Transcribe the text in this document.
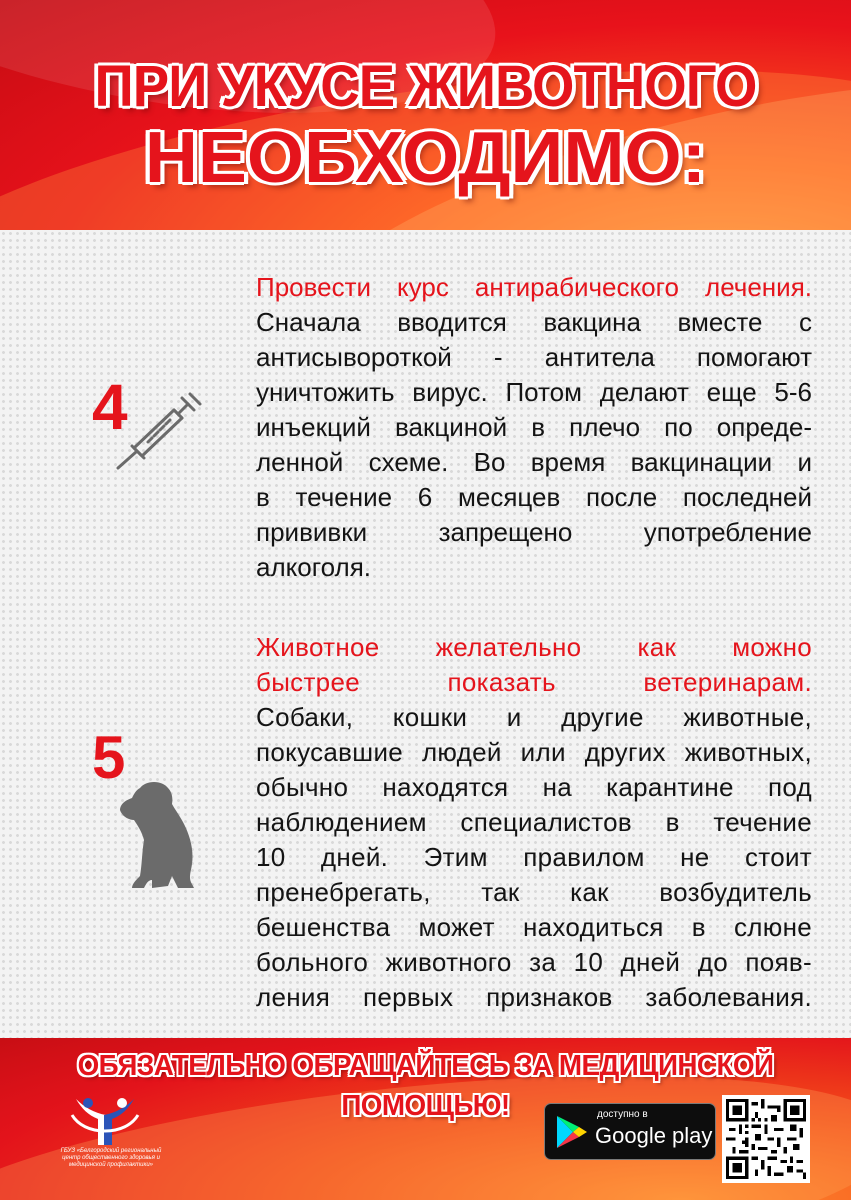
ПРИ УКУСЕ ЖИВОТНОГО
НЕОБХОДИМО:
4
Провести курс антирабического лечения.
Сначала вводится вакцина вместе с
антисывороткой - антитела помогают
уничтожить вирус. Потом делают еще 5-6
инъекций вакциной в плечо по опреде-
ленной схеме. Во время вакцинации и
в течение 6 месяцев после последней
прививки запрещено употребление
алкоголя.
5
Животное желательно как можно
быстрее показать ветеринарам.
Собаки, кошки и другие животные,
покусавшие людей или других животных,
обычно находятся на карантине под
наблюдением специалистов в течение
10 дней. Этим правилом не стоит
пренебрегать, так как возбудитель
бешенства может находиться в слюне
больного животного за 10 дней до появ-
ления первых признаков заболевания.
ОБЯЗАТЕЛЬНО ОБРАЩАЙТЕСЬ ЗА МЕДИЦИНСКОЙ ПОМОЩЬЮ!
ГБУЗ «Белгородский региональный центр общественного здоровья и медицинской профилактики»
доступно в
Google play
